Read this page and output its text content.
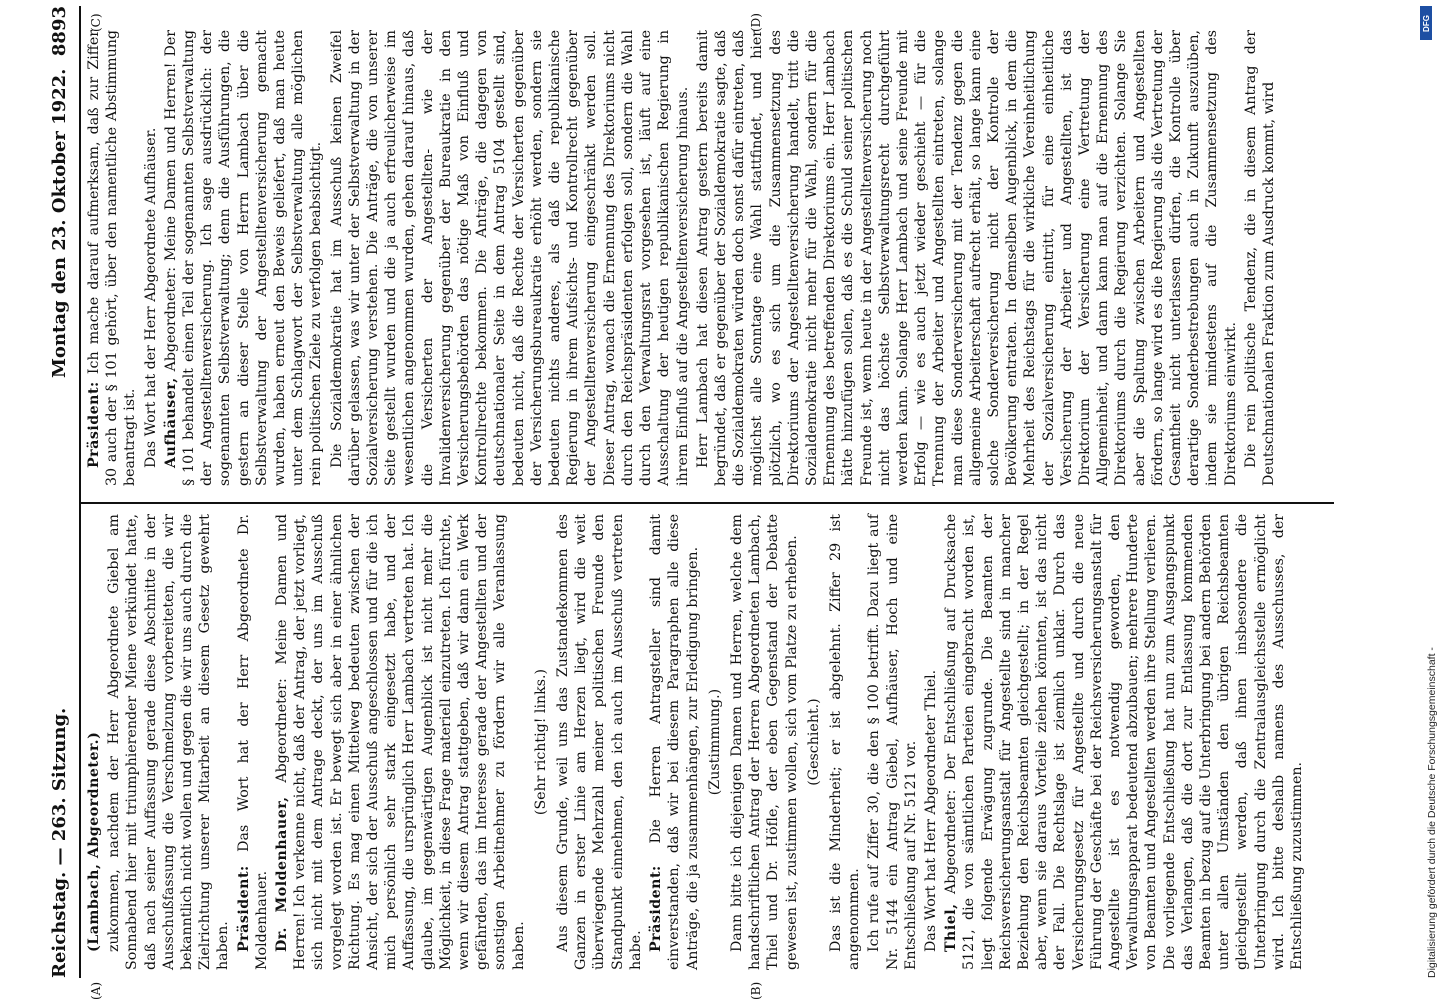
Reichstag. — 263. Sitzung.
Montag den 23. Oktober 1922.
8893
(A)	(B)
(C)	(D)

(Lambach, Abgeordneter.) zukommen, nachdem der Herr Abgeordnete Giebel am Sonnabend hier mit triumphierender Miene verkündet hatte, daß nach seiner Auffassung gerade diese Abschnitte in der Ausschußfassung die Verschmelzung vorbereiteten, die wir bekanntlich nicht wollen und gegen die wir uns auch durch die Zielrichtung unserer Mitarbeit an diesem Gesetz gewehrt haben. Präsident: Das Wort hat der Herr Abgeordnete Dr. Moldenhauer. Dr. Moldenhauer, Abgeordneter: Meine Damen und Herren! Ich verkenne nicht, daß der Antrag, der jetzt vorliegt, sich nicht mit dem Antrage deckt, der uns im Ausschuß vorgelegt worden ist. Er bewegt sich aber in einer ähnlichen Richtung. Es mag einen Mittelweg bedeuten zwischen der Ansicht, der sich der Ausschuß angeschlossen und für die ich mich persönlich sehr stark eingesetzt habe, und der Auffassung, die ursprünglich Herr Lambach vertreten hat. Ich glaube, im gegenwärtigen Augenblick ist nicht mehr die Möglichkeit, in diese Frage materiell einzutreten. Ich fürchte, wenn wir diesem Antrag stattgeben, daß wir dann ein Werk gefährden, das im Interesse gerade der Angestellten und der sonstigen Arbeitnehmer zu fördern wir alle Veranlassung haben.

(Sehr richtig! links.) Aus diesem Grunde, weil uns das Zustandekommen des Ganzen in erster Linie am Herzen liegt, wird die weit überwiegende Mehrzahl meiner politischen Freunde den Standpunkt einnehmen, den ich auch im Ausschuß vertreten habe. Präsident: Die Herren Antragsteller sind damit einverstanden, daß wir bei diesem Paragraphen alle diese Anträge, die ja zusammenhängen, zur Erledigung bringen. (Zustimmung.) Dann bitte ich diejenigen Damen und Herren, welche dem handschriftlichen Antrag der Herren Abgeordneten Lambach, Thiel und Dr. Höfle, der eben Gegenstand der Debatte gewesen ist, zustimmen wollen, sich vom Platze zu erheben. (Geschieht.) Das ist die Minderheit; er ist abgelehnt. Ziffer 29 ist angenommen. Ich rufe auf Ziffer 30, die den § 100 betrifft. Dazu liegt auf Nr. 5144 ein Antrag Giebel, Aufhäuser, Hoch und eine Entschließung auf Nr. 5121 vor. Das Wort hat Herr Abgeordneter Thiel. Thiel, Abgeordneter: Der Entschließung auf Drucksache 5121, die von sämtlichen Parteien eingebracht worden ist, liegt folgende Erwägung zugrunde. Die Beamten der Reichsversicherungsanstalt für Angestellte sind in mancher Beziehung den Reichsbeamten gleichgestellt; in der Regel aber, wenn sie daraus Vorteile ziehen könnten, ist das nicht der Fall. Die Rechtslage ist ziemlich unklar. Durch das Versicherungsgesetz für Angestellte und durch die neue Führung der Geschäfte bei der Reichsversicherungsanstalt für Angestellte ist es notwendig geworden, den Verwaltungsapparat bedeutend abzubauen; mehrere Hunderte von Beamten und Angestellten werden ihre Stellung verlieren. Die vorliegende Entschließung hat nun zum Ausgangspunkt das Verlangen, daß die dort zur Entlassung kommenden Beamten in bezug auf die Unterbringung bei andern Behörden unter allen Umständen den übrigen Reichsbeamten gleichgestellt werden, daß ihnen insbesondere die Unterbringung durch die Zentralausgleichsstelle ermöglicht wird. Ich bitte deshalb namens des Ausschusses, der Entschließung zuzustimmen.

Präsident: Ich mache darauf aufmerksam, daß zur Ziffer 30 auch der § 101 gehört, über den namentliche Abstimmung beantragt ist. Das Wort hat der Herr Abgeordnete Aufhäuser. Aufhäuser, Abgeordneter: Meine Damen und Herren! Der § 101 behandelt einen Teil der sogenannten Selbstverwaltung der Angestelltenversicherung. Ich sage ausdrücklich: der sogenannten Selbstverwaltung; denn die Ausführungen, die gestern an dieser Stelle von Herrn Lambach über die Selbstverwaltung der Angestelltenversicherung gemacht wurden, haben erneut den Beweis geliefert, daß man heute unter dem Schlagwort der Selbstverwaltung alle möglichen rein politischen Ziele zu verfolgen beabsichtigt. Die Sozialdemokratie hat im Ausschuß keinen Zweifel darüber gelassen, was wir unter der Selbstverwaltung in der Sozialversicherung verstehen. Die Anträge, die von unserer Seite gestellt wurden und die ja auch erfreulicherweise im wesentlichen angenommen wurden, gehen darauf hinaus, daß die Versicherten der Angestellten- wie der Invalidenversicherung gegenüber der Bureaukratie in den Versicherungsbehörden das nötige Maß von Einfluß und Kontrollrechte bekommen. Die Anträge, die dagegen von deutschnationaler Seite in dem Antrag 5104 gestellt sind, bedeuten nicht, daß die Rechte der Versicherten gegenüber der Versicherungsbureaukratie erhöht werden, sondern sie bedeuten nichts anderes, als daß die republikanische Regierung in ihrem Aufsichts- und Kontrollrecht gegenüber der Angestelltenversicherung eingeschränkt werden soll. Dieser Antrag, wonach die Ernennung des Direktoriums nicht durch den Reichspräsidenten erfolgen soll, sondern die Wahl durch den Verwaltungsrat vorgesehen ist, läuft auf eine Ausschaltung der heutigen republikanischen Regierung in ihrem Einfluß auf die Angestelltenversicherung hinaus. Herr Lambach hat diesen Antrag gestern bereits damit begründet, daß er gegenüber der Sozialdemokratie sagte, daß die Sozialdemokraten würden doch sonst dafür eintreten, daß möglichst alle Sonntage eine Wahl stattfindet, und hier plötzlich, wo es sich um die Zusammensetzung des Direktoriums der Angestelltenversicherung handelt, tritt die Sozialdemokratie nicht mehr für die Wahl, sondern für die Ernennung des betreffenden Direktoriums ein. Herr Lambach hätte hinzufügen sollen, daß es die Schuld seiner politischen Freunde ist, wenn heute in der Angestelltenversicherung noch nicht das höchste Selbstverwaltungsrecht durchgeführt werden kann. Solange Herr Lambach und seine Freunde mit Erfolg — wie es auch jetzt wieder geschieht — für die Trennung der Arbeiter und Angestellten eintreten, solange man diese Sonderversicherung mit der Tendenz gegen die allgemeine Arbeiterschaft aufrecht erhält, so lange kann eine solche Sonderversicherung nicht der Kontrolle der Bevölkerung entraten. In demselben Augenblick, in dem die Mehrheit des Reichstags für die wirkliche Vereinheitlichung der Sozialversicherung eintritt, für eine einheitliche Versicherung der Arbeiter und Angestellten, ist das Direktorium der Versicherung eine Vertretung der Allgemeinheit, und dann kann man auf die Ernennung des Direktoriums durch die Regierung verzichten. Solange Sie aber die Spaltung zwischen Arbeitern und Angestellten fördern, so lange wird es die Regierung als die Vertretung der Gesamtheit nicht unterlassen dürfen, die Kontrolle über derartige Sonderbestrebungen auch in Zukunft auszuüben, indem sie mindestens auf die Zusammensetzung des Direktoriums einwirkt. Die rein politische Tendenz, die in diesem Antrag der Deutschnationalen Fraktion zum Ausdruck kommt, wird

Digitalisierung gefördert durch die Deutsche Forschungsgemeinschaft -
DFG
